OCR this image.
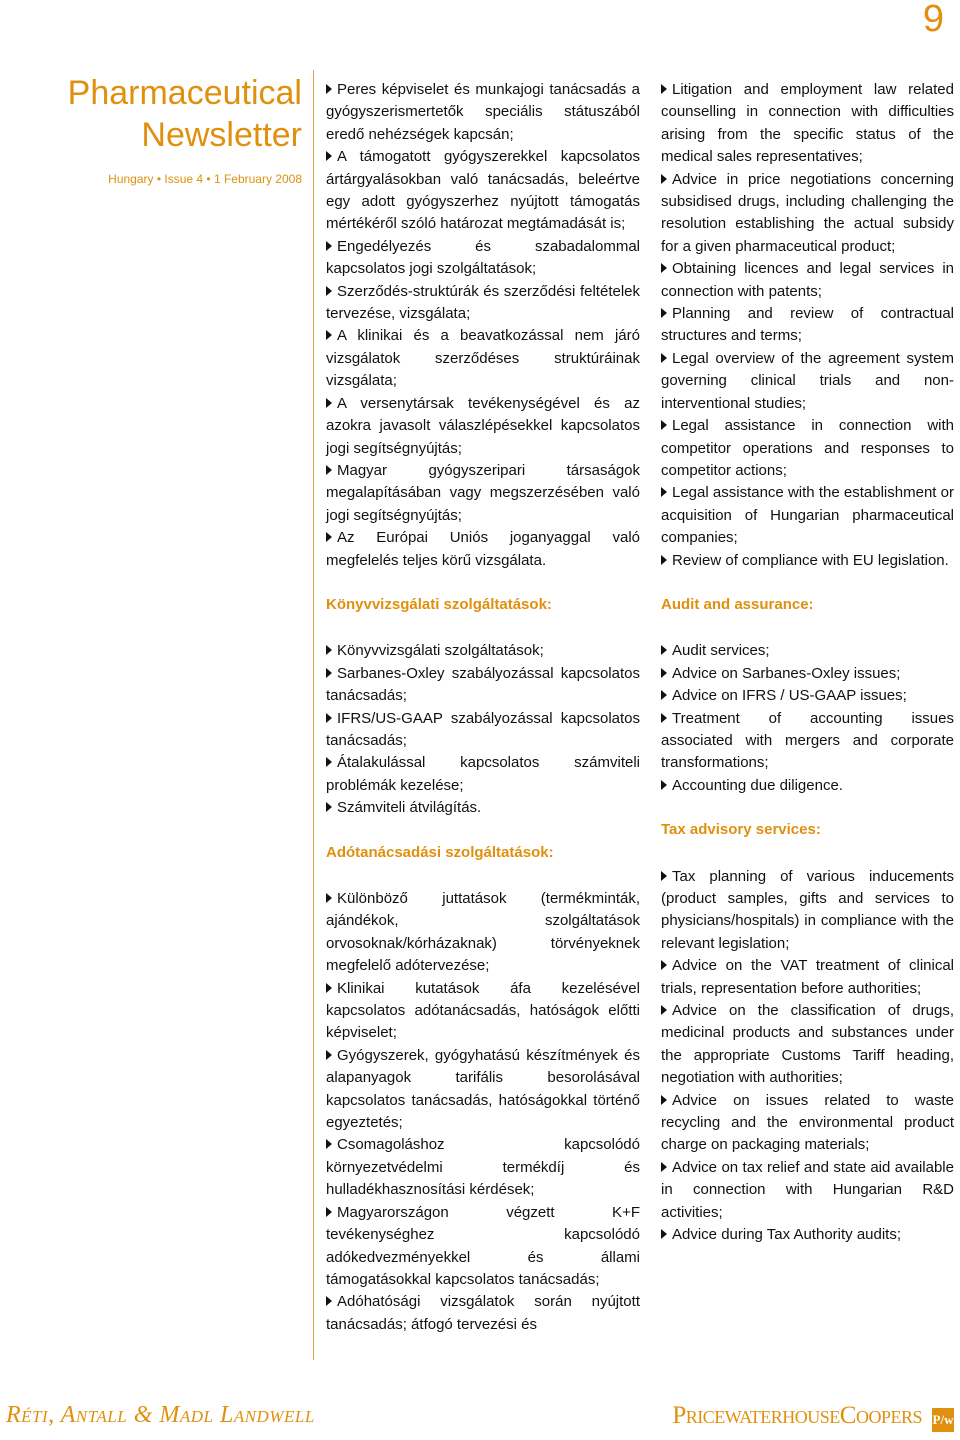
9
Pharmaceutical
Newsletter
Hungary • Issue 4 • 1 February 2008

Peres képviselet és munkajogi tanácsadás a gyógyszerismertetők speciális státuszából eredő nehézségek kapcsán;

A támogatott gyógyszerekkel kapcsolatos ártárgyalásokban való tanácsadás, beleértve egy adott gyógyszerhez nyújtott támogatás mértékéről szóló határozat megtámadását is;

Engedélyezés és szabadalommal kapcsolatos jogi szolgáltatások;

Szerződés-struktúrák és szerződési feltételek tervezése, vizsgálata;

A klinikai és a beavatkozással nem járó vizsgálatok szerződéses struktúráinak vizsgálata;

A versenytársak tevékenységével és az azokra javasolt válaszlépésekkel kapcsolatos jogi segítségnyújtás;

Magyar gyógyszeripari társaságok megalapításában vagy megszerzésében való jogi segítségnyújtás;

Az Európai Uniós joganyaggal való megfelelés teljes körű vizsgálata.

Könyvvizsgálati szolgáltatások:

Könyvvizsgálati szolgáltatások;

Sarbanes-Oxley szabályozással kapcsolatos tanácsadás;

IFRS/US-GAAP szabályozással kapcsolatos tanácsadás;

Átalakulással kapcsolatos számviteli problémák kezelése;

Számviteli átvilágítás.

Adótanácsadási szolgáltatások:

Különböző juttatások (termékminták, ajándékok, szolgáltatások orvosoknak/kórházaknak) törvényeknek megfelelő adótervezése;

Klinikai kutatások áfa kezelésével kapcsolatos adótanácsadás, hatóságok előtti képviselet;

Gyógyszerek, gyógyhatású készítmények és alapanyagok tarifális besorolásával kapcsolatos tanácsadás, hatóságokkal történő egyeztetés;

Csomagoláshoz kapcsolódó környezetvédelmi termékdíj és hulladékhasznosítási kérdések;

Magyarországon végzett K+F tevékenységhez kapcsolódó adókedvezményekkel és állami támogatásokkal kapcsolatos tanácsadás;

Adóhatósági vizsgálatok során nyújtott tanácsadás; átfogó tervezési és

Litigation and employment law related counselling in connection with difficulties arising from the specific status of the medical sales representatives;

Advice in price negotiations concerning subsidised drugs, including challenging the resolution establishing the actual subsidy for a given pharmaceutical product;

Obtaining licences and legal services in connection with patents;

Planning and review of contractual structures and terms;

Legal overview of the agreement system governing clinical trials and non-interventional studies;

Legal assistance in connection with competitor operations and responses to competitor actions;

Legal assistance with the establishment or acquisition of Hungarian pharmaceutical companies;

Review of compliance with EU legislation.

Audit and assurance:

Audit services;

Advice on Sarbanes-Oxley issues;

Advice on IFRS / US-GAAP issues;

Treatment of accounting issues associated with mergers and corporate transformations;

Accounting due diligence.

Tax advisory services:

Tax planning of various inducements (product samples, gifts and services to physicians/hospitals) in compliance with the relevant legislation;

Advice on the VAT treatment of clinical trials, representation before authorities;

Advice on the classification of drugs, medicinal products and substances under the appropriate Customs Tariff heading, negotiation with authorities;

Advice on issues related to waste recycling and the environmental product charge on packaging materials;

Advice on tax relief and state aid available in connection with Hungarian R&D activities;

Advice during Tax Authority audits;

Réti, Antall & Madl Landwell	PricewaterhouseCoopers P/w
